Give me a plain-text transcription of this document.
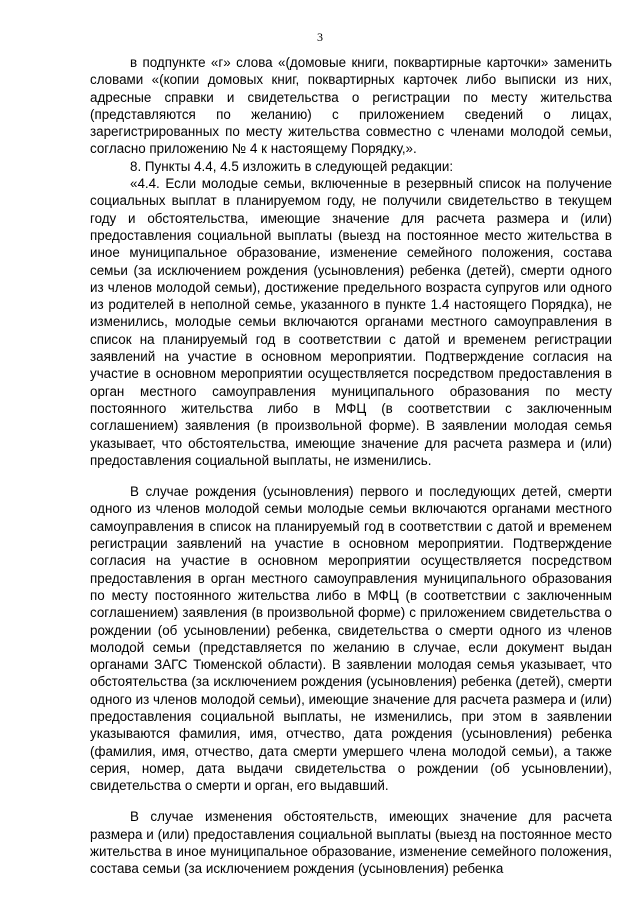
3

в подпункте «г» слова «(домовые книги, поквартирные карточки» заменить словами «(копии домовых книг, поквартирных карточек либо выписки из них, адресные справки и свидетельства о регистрации по месту жительства (представляются по желанию) с приложением сведений о лицах, зарегистрированных по месту жительства совместно с членами молодой семьи, согласно приложению № 4 к настоящему Порядку,».

8. Пункты 4.4, 4.5 изложить в следующей редакции:

«4.4. Если молодые семьи, включенные в резервный список на получение социальных выплат в планируемом году, не получили свидетельство в текущем году и обстоятельства, имеющие значение для расчета размера и (или) предоставления социальной выплаты (выезд на постоянное место жительства в иное муниципальное образование, изменение семейного положения, состава семьи (за исключением рождения (усыновления) ребенка (детей), смерти одного из членов молодой семьи), достижение предельного возраста супругов или одного из родителей в неполной семье, указанного в пункте 1.4 настоящего Порядка), не изменились, молодые семьи включаются органами местного самоуправления в список на планируемый год в соответствии с датой и временем регистрации заявлений на участие в основном мероприятии. Подтверждение согласия на участие в основном мероприятии осуществляется посредством предоставления в орган местного самоуправления муниципального образования по месту постоянного жительства либо в МФЦ (в соответствии с заключенным соглашением) заявления (в произвольной форме). В заявлении молодая семья указывает, что обстоятельства, имеющие значение для расчета размера и (или) предоставления социальной выплаты, не изменились.

В случае рождения (усыновления) первого и последующих детей, смерти одного из членов молодой семьи молодые семьи включаются органами местного самоуправления в список на планируемый год в соответствии с датой и временем регистрации заявлений на участие в основном мероприятии. Подтверждение согласия на участие в основном мероприятии осуществляется посредством предоставления в орган местного самоуправления муниципального образования по месту постоянного жительства либо в МФЦ (в соответствии с заключенным соглашением) заявления (в произвольной форме) с приложением свидетельства о рождении (об усыновлении) ребенка, свидетельства о смерти одного из членов молодой семьи (представляется по желанию в случае, если документ выдан органами ЗАГС Тюменской области). В заявлении молодая семья указывает, что обстоятельства (за исключением рождения (усыновления) ребенка (детей), смерти одного из членов молодой семьи), имеющие значение для расчета размера и (или) предоставления социальной выплаты, не изменились, при этом в заявлении указываются фамилия, имя, отчество, дата рождения (усыновления) ребенка (фамилия, имя, отчество, дата смерти умершего члена молодой семьи), а также серия, номер, дата выдачи свидетельства о рождении (об усыновлении), свидетельства о смерти и орган, его выдавший.

В случае изменения обстоятельств, имеющих значение для расчета размера и (или) предоставления социальной выплаты (выезд на постоянное место жительства в иное муниципальное образование, изменение семейного положения, состава семьи (за исключением рождения (усыновления) ребенка
